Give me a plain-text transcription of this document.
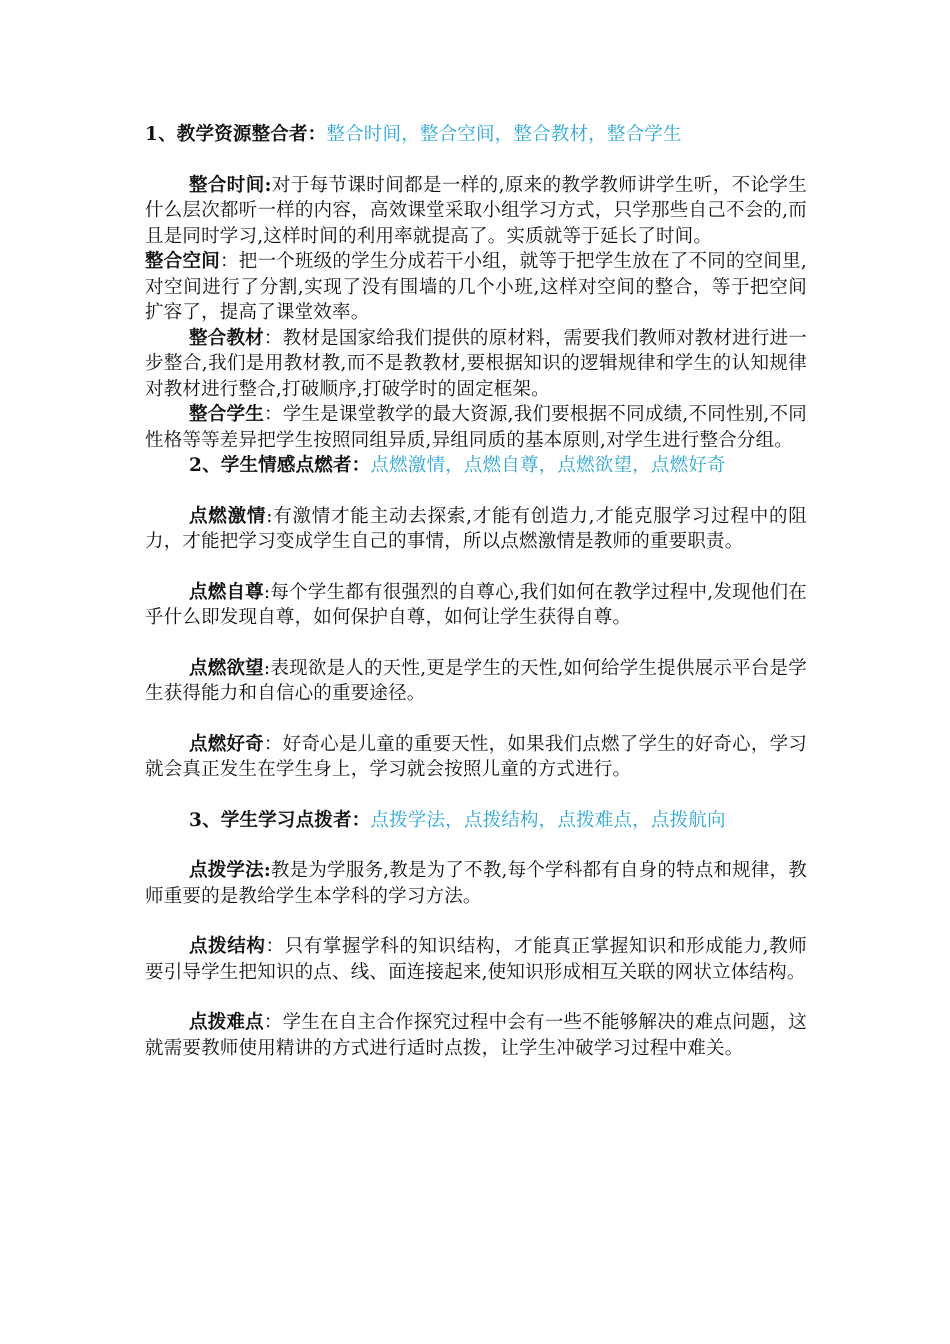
1、教学资源整合者：整合时间，整合空间，整合教材，整合学生

整合时间:对于每节课时间都是一样的,原来的教学教师讲学生听，不论学生什么层次都听一样的内容，高效课堂采取小组学习方式，只学那些自己不会的,而且是同时学习,这样时间的利用率就提高了。实质就等于延长了时间。

整合空间：把一个班级的学生分成若干小组，就等于把学生放在了不同的空间里,对空间进行了分割,实现了没有围墙的几个小班,这样对空间的整合，等于把空间扩容了，提高了课堂效率。

整合教材：教材是国家给我们提供的原材料，需要我们教师对教材进行进一步整合,我们是用教材教,而不是教教材,要根据知识的逻辑规律和学生的认知规律对教材进行整合,打破顺序,打破学时的固定框架。

整合学生：学生是课堂教学的最大资源,我们要根据不同成绩,不同性别,不同性格等等差异把学生按照同组异质,异组同质的基本原则,对学生进行整合分组。

2、学生情感点燃者：点燃激情，点燃自尊，点燃欲望，点燃好奇

点燃激情:有激情才能主动去探索,才能有创造力,才能克服学习过程中的阻力，才能把学习变成学生自己的事情，所以点燃激情是教师的重要职责。

点燃自尊:每个学生都有很强烈的自尊心,我们如何在教学过程中,发现他们在乎什么即发现自尊，如何保护自尊，如何让学生获得自尊。

点燃欲望:表现欲是人的天性,更是学生的天性,如何给学生提供展示平台是学生获得能力和自信心的重要途径。

点燃好奇：好奇心是儿童的重要天性，如果我们点燃了学生的好奇心，学习就会真正发生在学生身上，学习就会按照儿童的方式进行。

3、学生学习点拨者：点拨学法，点拨结构，点拨难点，点拨航向

点拨学法:教是为学服务,教是为了不教,每个学科都有自身的特点和规律，教师重要的是教给学生本学科的学习方法。

点拨结构：只有掌握学科的知识结构，才能真正掌握知识和形成能力,教师要引导学生把知识的点、线、面连接起来,使知识形成相互关联的网状立体结构。

点拨难点：学生在自主合作探究过程中会有一些不能够解决的难点问题，这就需要教师使用精讲的方式进行适时点拨，让学生冲破学习过程中难关。
